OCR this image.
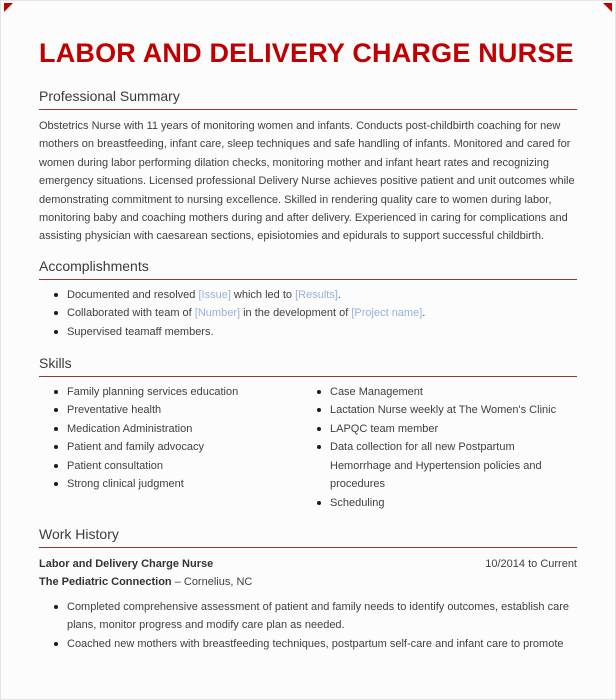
LABOR AND DELIVERY CHARGE NURSE
Professional Summary

Obstetrics Nurse with 11 years of monitoring women and infants. Conducts post-childbirth coaching for new mothers on breastfeeding, infant care, sleep techniques and safe handling of infants. Monitored and cared for women during labor performing dilation checks, monitoring mother and infant heart rates and recognizing emergency situations. Licensed professional Delivery Nurse achieves positive patient and unit outcomes while demonstrating commitment to nursing excellence. Skilled in rendering quality care to women during labor, monitoring baby and coaching mothers during and after delivery. Experienced in caring for complications and assisting physician with caesarean sections, episiotomies and epidurals to support successful childbirth.

Accomplishments
Documented and resolved [Issue] which led to [Results].
Collaborated with team of [Number] in the development of [Project name].
Supervised teamaff members.
Skills
Family planning services education
Preventative health
Medication Administration
Patient and family advocacy
Patient consultation
Strong clinical judgment
Case Management
Lactation Nurse weekly at The Women's Clinic
LAPQC team member
Data collection for all new Postpartum Hemorrhage and Hypertension policies and procedures
Scheduling
Work History
Labor and Delivery Charge Nurse	10/2014 to Current
The Pediatric Connection – Cornelius, NC
Completed comprehensive assessment of patient and family needs to identify outcomes, establish care plans, monitor progress and modify care plan as needed.
Coached new mothers with breastfeeding techniques, postpartum self-care and infant care to promote
